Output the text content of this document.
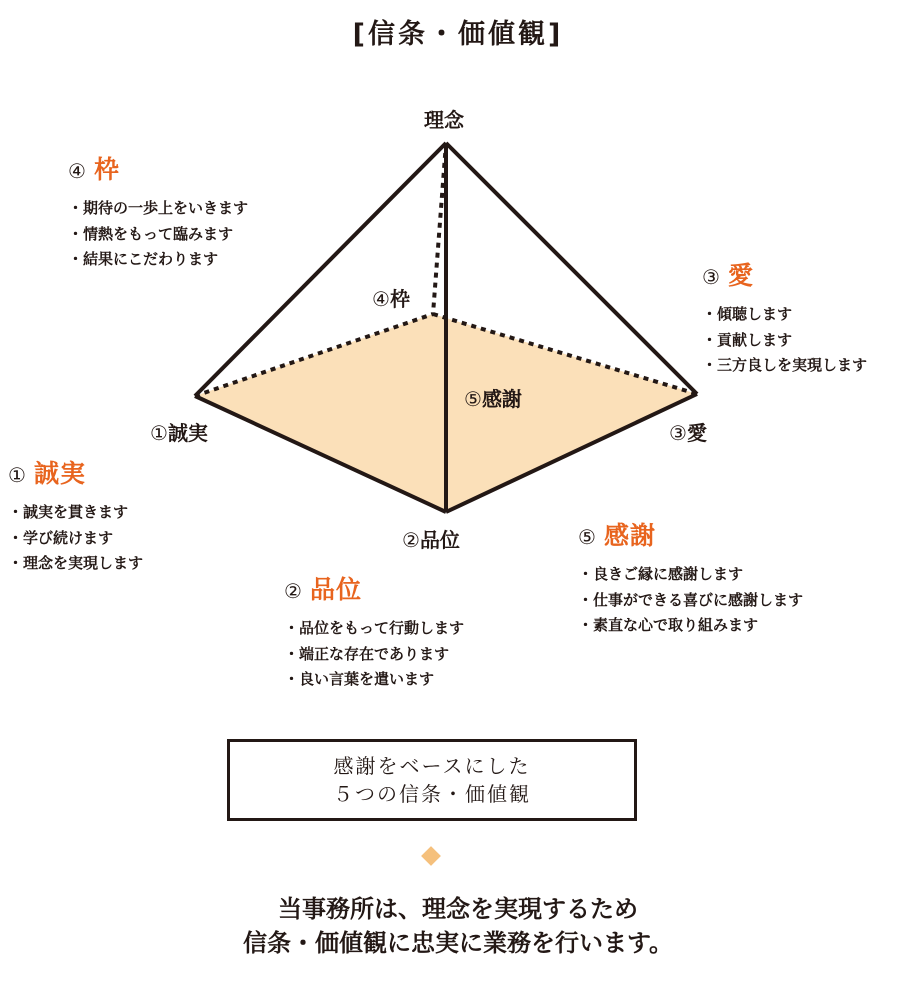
[信条・価値観]
理念
④枠
⑤感謝
①誠実	③愛
②品位
④ 枠
・ 期待の一歩上をいきます
・ 情熱をもって臨みます
・ 結果にこだわります
③ 愛
・ 傾聴します
・ 貢献します
・ 三方良しを実現します
① 誠実
・ 誠実を貫きます
・ 学び続けます
・ 理念を実現します
⑤ 感謝
・ 良きご縁に感謝します
・ 仕事ができる喜びに感謝します
・ 素直な心で取り組みます
② 品位
・ 品位をもって行動します
・ 端正な存在であります
・ 良い言葉を遣います
感謝をベースにした
５つの信条・価値観
当事務所は、理念を実現するため
信条・価値観に忠実に業務を行います。
